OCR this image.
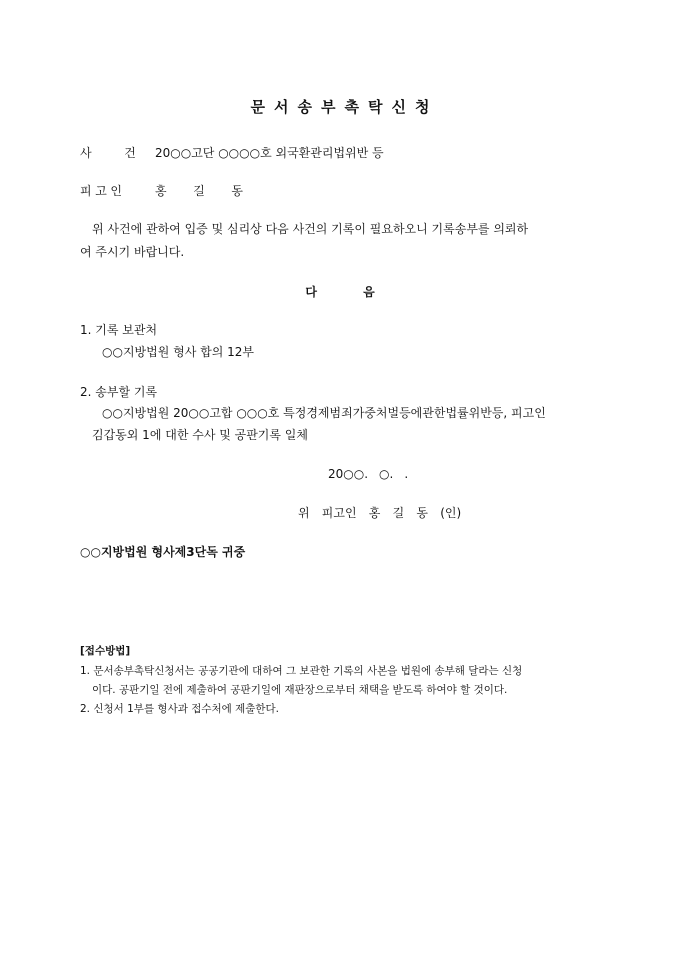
문서송부촉탁신청
사 건 20○○고단 ○○○○호 외국환관리법위반 등
피고인 홍 길 동
위 사건에 관하여 입증 및 심리상 다음 사건의 기록이 필요하오니 기록송부를 의뢰하
여 주시기 바랍니다.
다 음
1. 기록 보관처
○○지방법원 형사 합의 12부
2. 송부할 기록
○○지방법원 20○○고합 ○○○호 특정경제범죄가중처벌등에관한법률위반등, 피고인
김갑동외 1에 대한 수사 및 공판기록 일체
20○○. ○. .
위 피고인 홍 길 동 (인)
○○지방법원 형사제3단독 귀중
[접수방법]
1. 문서송부촉탁신청서는 공공기관에 대하여 그 보관한 기록의 사본을 법원에 송부해 달라는 신청
이다. 공판기일 전에 제출하여 공판기일에 재판장으로부터 채택을 받도록 하여야 할 것이다.
2. 신청서 1부를 형사과 접수처에 제출한다.
